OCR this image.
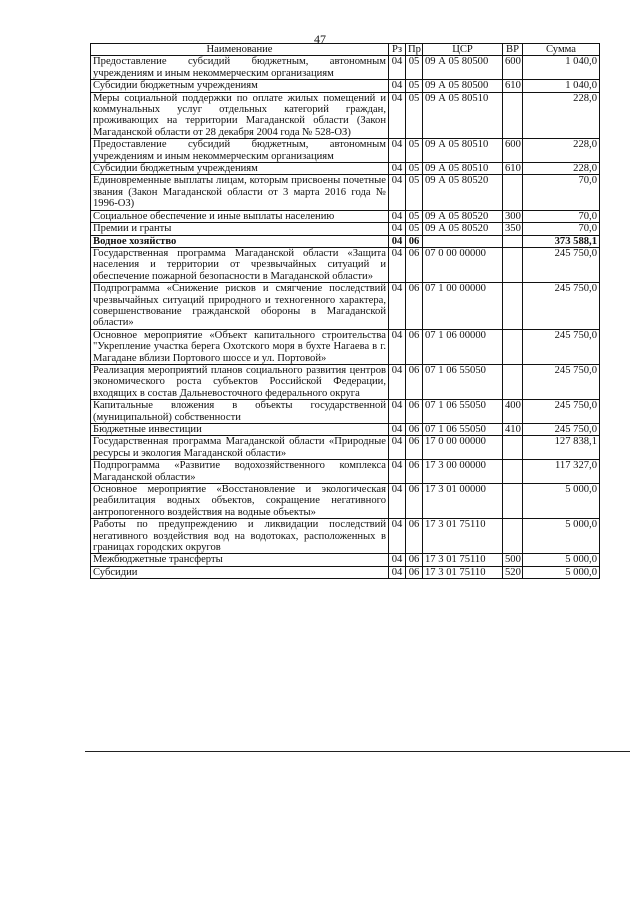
47
Наименование	Рз	Пр	ЦСР	ВР	Сумма
Предоставление субсидий бюджетным, автономным учреждениям и иным некоммерческим организациям	04	05	09 А 05 80500	600	1 040,0
Субсидии бюджетным учреждениям	04	05	09 А 05 80500	610	1 040,0
Меры социальной поддержки по оплате жилых помещений и коммунальных услуг отдельных категорий граждан, проживающих на территории Магаданской области (Закон Магаданской области от 28 декабря 2004 года № 528-ОЗ)	04	05	09 А 05 80510		228,0
Предоставление субсидий бюджетным, автономным учреждениям и иным некоммерческим организациям	04	05	09 А 05 80510	600	228,0
Субсидии бюджетным учреждениям	04	05	09 А 05 80510	610	228,0
Единовременные выплаты лицам, которым присвоены почетные звания (Закон Магаданской области от 3 марта 2016 года № 1996-ОЗ)	04	05	09 А 05 80520		70,0
Социальное обеспечение и иные выплаты населению	04	05	09 А 05 80520	300	70,0
Премии и гранты	04	05	09 А 05 80520	350	70,0
Водное хозяйство	04	06			373 588,1
Государственная программа Магаданской области «Защита населения и территории от чрезвычайных ситуаций и обеспечение пожарной безопасности в Магаданской области»	04	06	07 0 00 00000		245 750,0
Подпрограмма «Снижение рисков и смягчение последствий чрезвычайных ситуаций природного и техногенного характера, совершенствование гражданской обороны в Магаданской области»	04	06	07 1 00 00000		245 750,0
Основное мероприятие «Объект капитального строительства "Укрепление участка берега Охотского моря в бухте Нагаева в г. Магадане вблизи Портового шоссе и ул. Портовой»	04	06	07 1 06 00000		245 750,0
Реализация мероприятий планов социального развития центров экономического роста субъектов Российской Федерации, входящих в состав Дальневосточного федерального округа	04	06	07 1 06 55050		245 750,0
Капитальные вложения в объекты государственной (муниципальной) собственности	04	06	07 1 06 55050	400	245 750,0
Бюджетные инвестиции	04	06	07 1 06 55050	410	245 750,0
Государственная программа Магаданской области «Природные ресурсы и экология Магаданской области»	04	06	17 0 00 00000		127 838,1
Подпрограмма «Развитие водохозяйственного комплекса Магаданской области»	04	06	17 3 00 00000		117 327,0
Основное мероприятие «Восстановление и экологическая реабилитация водных объектов, сокращение негативного антропогенного воздействия на водные объекты»	04	06	17 3 01 00000		5 000,0
Работы по предупреждению и ликвидации последствий негативного воздействия вод на водотоках, расположенных в границах городских округов	04	06	17 3 01 75110		5 000,0
Межбюджетные трансферты	04	06	17 3 01 75110	500	5 000,0
Субсидии	04	06	17 3 01 75110	520	5 000,0
